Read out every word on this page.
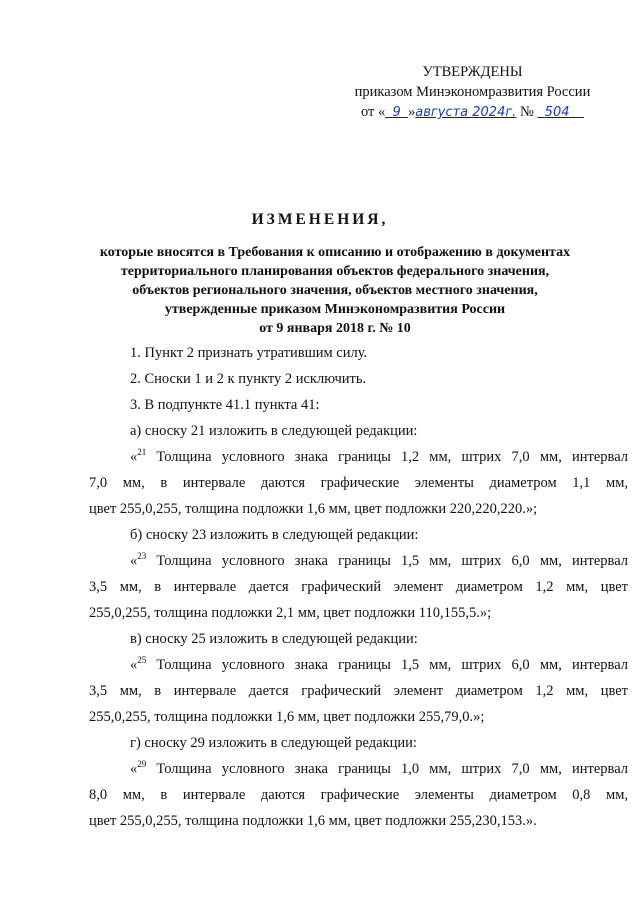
УТВЕРЖДЕНЫ
приказом Минэкономразвития России
от « 9 »августа 2024г. № 504
ИЗМЕНЕНИЯ,
которые вносятся в Требования к описанию и отображению в документах
территориального планирования объектов федерального значения,
объектов регионального значения, объектов местного значения,
утвержденные приказом Минэкономразвития России
от 9 января 2018 г. № 10
1. Пункт 2 признать утратившим силу.
2. Сноски 1 и 2 к пункту 2 исключить.
3. В подпункте 41.1 пункта 41:
а) сноску 21 изложить в следующей редакции:
«$^{21}$ Толщина условного знака границы 1,2 мм, штрих 7,0 мм, интервал
7,0 мм, в интервале даются графические элементы диаметром 1,1 мм,
цвет 255,0,255, толщина подложки 1,6 мм, цвет подложки 220,220,220.»;
б) сноску 23 изложить в следующей редакции:
«$^{23}$ Толщина условного знака границы 1,5 мм, штрих 6,0 мм, интервал
3,5 мм, в интервале дается графический элемент диаметром 1,2 мм, цвет
255,0,255, толщина подложки 2,1 мм, цвет подложки 110,155,5.»;
в) сноску 25 изложить в следующей редакции:
«$^{25}$ Толщина условного знака границы 1,5 мм, штрих 6,0 мм, интервал
3,5 мм, в интервале дается графический элемент диаметром 1,2 мм, цвет
255,0,255, толщина подложки 1,6 мм, цвет подложки 255,79,0.»;
г) сноску 29 изложить в следующей редакции:
«$^{29}$ Толщина условного знака границы 1,0 мм, штрих 7,0 мм, интервал
8,0 мм, в интервале даются графические элементы диаметром 0,8 мм,
цвет 255,0,255, толщина подложки 1,6 мм, цвет подложки 255,230,153.».
